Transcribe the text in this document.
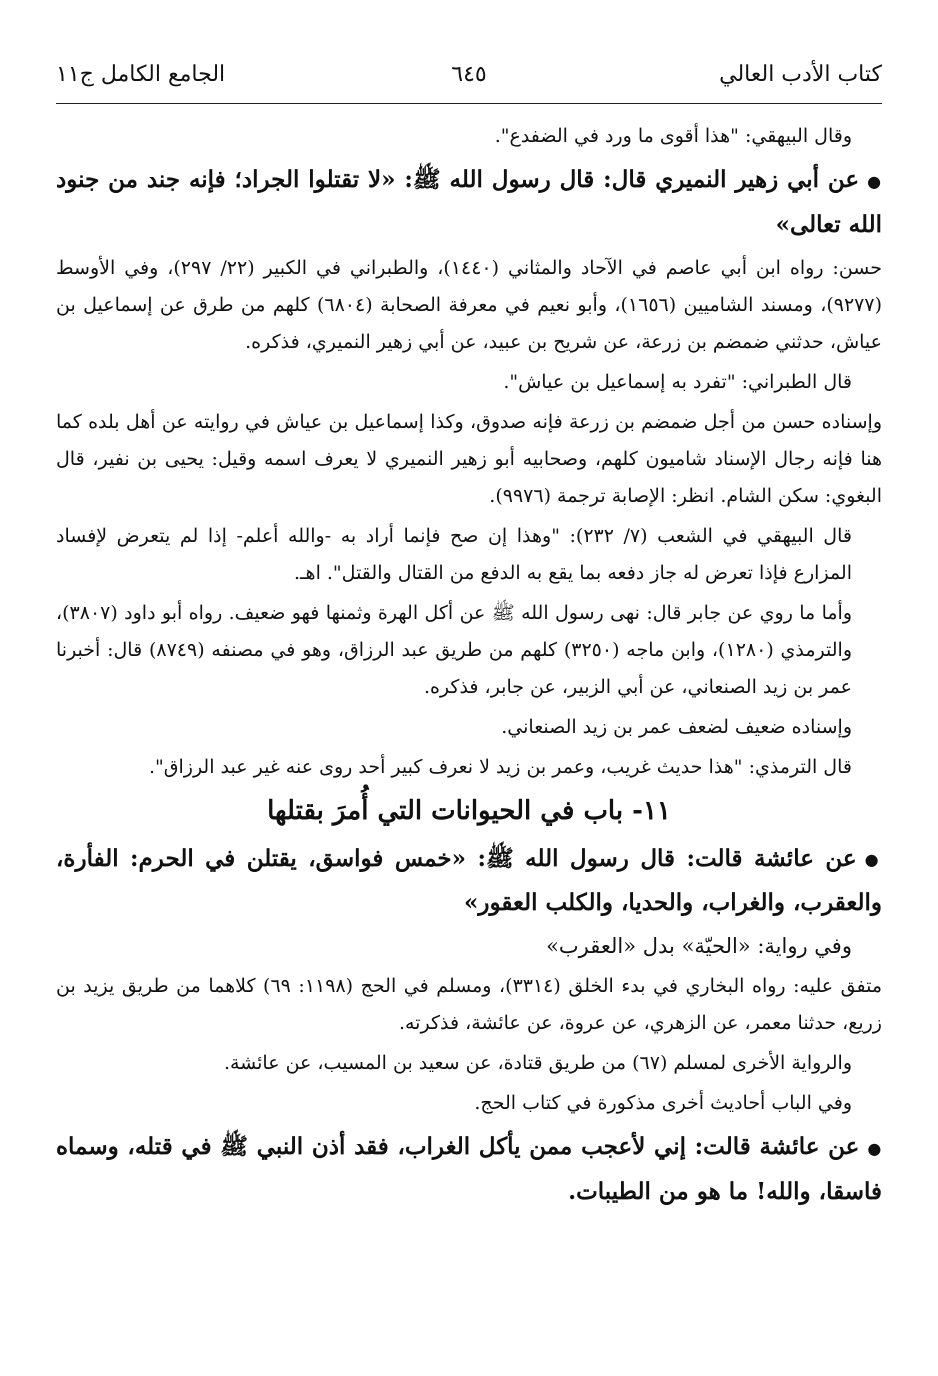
كتاب الأدب العالي
٦٤٥
الجامع الكامل ج١١

وقال البيهقي: "هذا أقوى ما ورد في الضفدع".

●عن أبي زهير النميري قال: قال رسول الله ﷺ: «لا تقتلوا الجراد؛ فإنه جند من جنود الله تعالى»

حسن: رواه ابن أبي عاصم في الآحاد والمثاني (١٤٤٠)، والطبراني في الكبير (٢٢/ ٢٩٧)، وفي الأوسط (٩٢٧٧)، ومسند الشاميين (١٦٥٦)، وأبو نعيم في معرفة الصحابة (٦٨٠٤) كلهم من طرق عن إسماعيل بن عياش، حدثني ضمضم بن زرعة، عن شريح بن عبيد، عن أبي زهير النميري، فذكره.

قال الطبراني: "تفرد به إسماعيل بن عياش".

وإسناده حسن من أجل ضمضم بن زرعة فإنه صدوق، وكذا إسماعيل بن عياش في روايته عن أهل بلده كما هنا فإنه رجال الإسناد شاميون كلهم، وصحابيه أبو زهير النميري لا يعرف اسمه وقيل: يحيى بن نفير، قال البغوي: سكن الشام. انظر: الإصابة ترجمة (٩٩٧٦).

قال البيهقي في الشعب (٧/ ٢٣٢): "وهذا إن صح فإنما أراد به -والله أعلم- إذا لم يتعرض لإفساد المزارع فإذا تعرض له جاز دفعه بما يقع به الدفع من القتال والقتل". اهـ.

وأما ما روي عن جابر قال: نهى رسول الله ﷺ عن أكل الهرة وثمنها فهو ضعيف. رواه أبو داود (٣٨٠٧)، والترمذي (١٢٨٠)، وابن ماجه (٣٢٥٠) كلهم من طريق عبد الرزاق، وهو في مصنفه (٨٧٤٩) قال: أخبرنا عمر بن زيد الصنعاني، عن أبي الزبير، عن جابر، فذكره.

وإسناده ضعيف لضعف عمر بن زيد الصنعاني.

قال الترمذي: "هذا حديث غريب، وعمر بن زيد لا نعرف كبير أحد روى عنه غير عبد الرزاق".

١١- باب في الحيوانات التي أُمرَ بقتلها

●عن عائشة قالت: قال رسول الله ﷺ: «خمس فواسق، يقتلن في الحرم: الفأرة، والعقرب، والغراب، والحديا، والكلب العقور»

وفي رواية: «الحيّة» بدل «العقرب»

متفق عليه: رواه البخاري في بدء الخلق (٣٣١٤)، ومسلم في الحج (١١٩٨: ٦٩) كلاهما من طريق يزيد بن زريع، حدثنا معمر، عن الزهري، عن عروة، عن عائشة، فذكرته.

والرواية الأخرى لمسلم (٦٧) من طريق قتادة، عن سعيد بن المسيب، عن عائشة.

وفي الباب أحاديث أخرى مذكورة في كتاب الحج.

●عن عائشة قالت: إني لأعجب ممن يأكل الغراب، فقد أذن النبي ﷺ في قتله، وسماه فاسقا، والله! ما هو من الطيبات.
